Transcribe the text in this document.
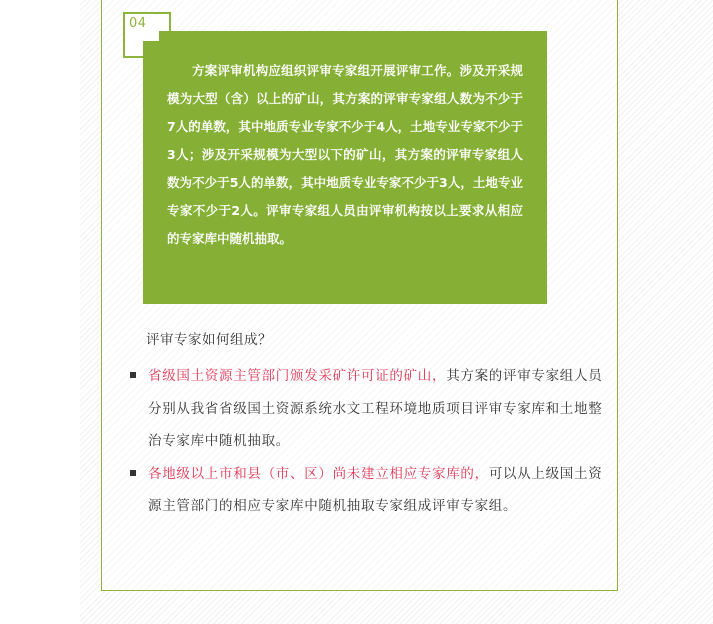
04

方案评审机构应组织评审专家组开展评审工作。涉及开采规模为大型（含）以上的矿山，其方案的评审专家组人数为不少于7人的单数，其中地质专业专家不少于4人，土地专业专家不少于3人；涉及开采规模为大型以下的矿山，其方案的评审专家组人数为不少于5人的单数，其中地质专业专家不少于3人，土地专业专家不少于2人。评审专家组人员由评审机构按以上要求从相应的专家库中随机抽取。

评审专家如何组成？
省级国土资源主管部门颁发采矿许可证的矿山，其方案的评审专家组人员分别从我省省级国土资源系统水文工程环境地质项目评审专家库和土地整治专家库中随机抽取。
各地级以上市和县（市、区）尚未建立相应专家库的，可以从上级国土资源主管部门的相应专家库中随机抽取专家组成评审专家组。
